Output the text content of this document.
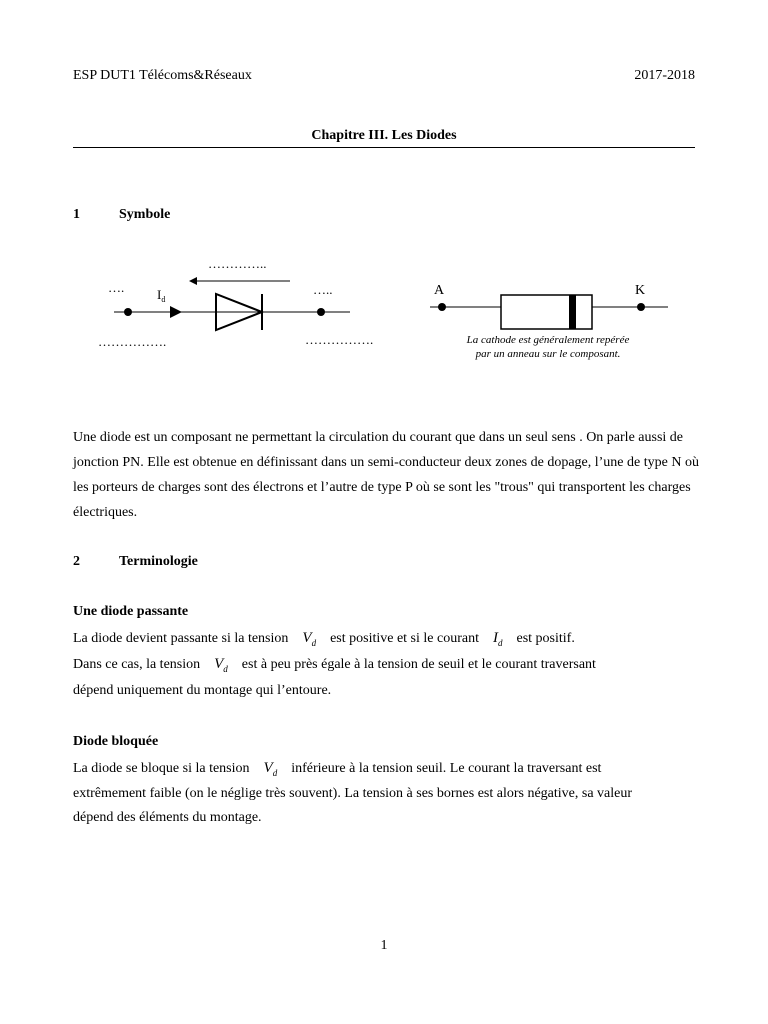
ESP DUT1 Télécoms&Réseaux	2017-2018
Chapitre III. Les Diodes
1	Symbole
…………..
….	$I_d$
…..
…………….	…………….
A	K
La cathode est généralement repérée
par un anneau sur le composant.
Une diode est un composant ne permettant la circulation du courant que dans un seul sens . On parle aussi de jonction PN. Elle est obtenue en définissant dans un semi-conducteur deux zones de dopage, l’une de type N où les porteurs de charges sont des électrons et l’autre de type P où se sont les "trous" qui transportent les charges électriques.
2	Terminologie
Une diode passante
La diode devient passante si la tension $V_d$ est positive et si le courant $I_d$ est positif.
Dans ce cas, la tension $V_d$ est à peu près égale à la tension de seuil et le courant traversant
dépend uniquement du montage qui l’entoure.
Diode bloquée
La diode se bloque si la tension $V_d$ inférieure à la tension seuil. Le courant la traversant est
extrêmement faible (on le néglige très souvent). La tension à ses bornes est alors négative, sa valeur
dépend des éléments du montage.
1
